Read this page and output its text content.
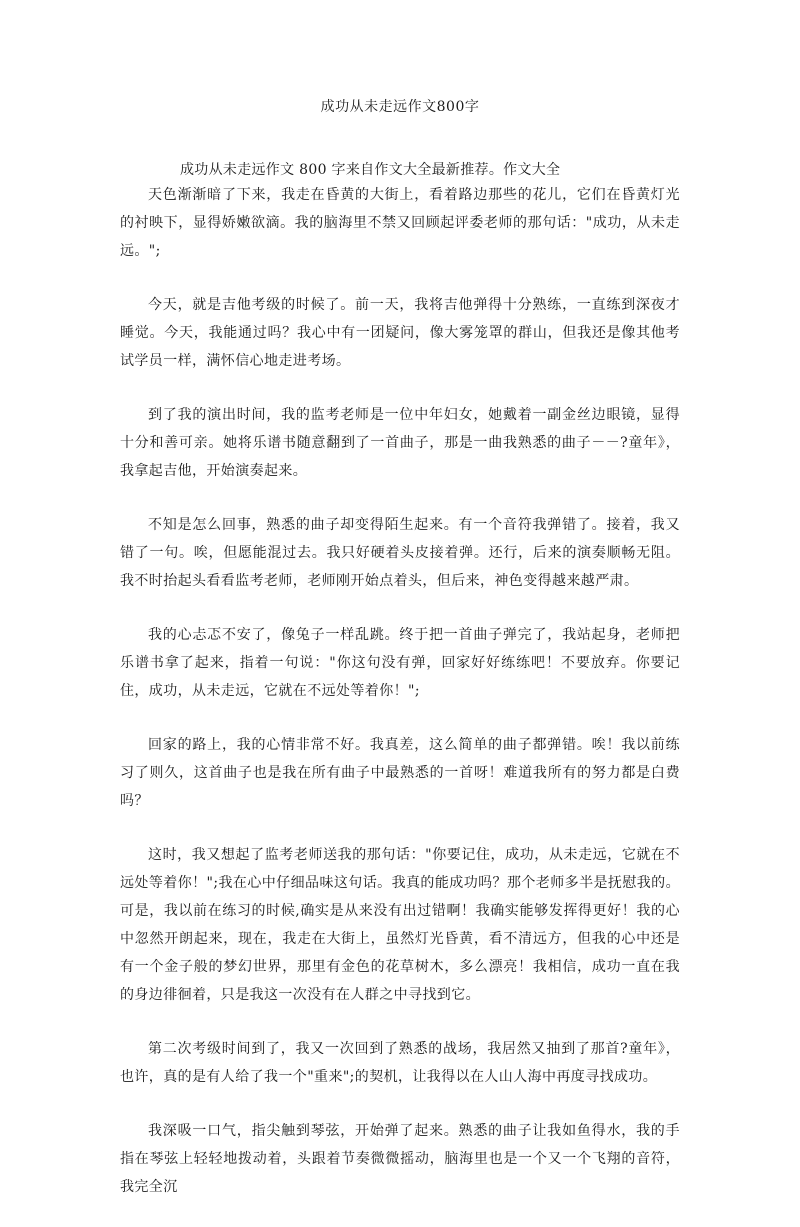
成功从未走远作文800字
成功从未走远作文 800 字来自作文大全最新推荐。作文大全

天色渐渐暗了下来，我走在昏黄的大街上，看着路边那些的花儿，它们在昏黄灯光的衬映下，显得娇嫩欲滴。我的脑海里不禁又回顾起评委老师的那句话："成功，从未走远。";

今天，就是吉他考级的时候了。前一天，我将吉他弹得十分熟练，一直练到深夜才睡觉。今天，我能通过吗？我心中有一团疑问，像大雾笼罩的群山，但我还是像其他考试学员一样，满怀信心地走进考场。

到了我的演出时间，我的监考老师是一位中年妇女，她戴着一副金丝边眼镜，显得十分和善可亲。她将乐谱书随意翻到了一首曲子，那是一曲我熟悉的曲子－－?童年》，我拿起吉他，开始演奏起来。

不知是怎么回事，熟悉的曲子却变得陌生起来。有一个音符我弹错了。接着，我又错了一句。唉，但愿能混过去。我只好硬着头皮接着弹。还行，后来的演奏顺畅无阻。我不时抬起头看看监考老师，老师刚开始点着头，但后来，神色变得越来越严肃。

我的心忐忑不安了，像兔子一样乱跳。终于把一首曲子弹完了，我站起身，老师把乐谱书拿了起来，指着一句说："你这句没有弹，回家好好练练吧！不要放弃。你要记住，成功，从未走远，它就在不远处等着你！";

回家的路上，我的心情非常不好。我真差，这么简单的曲子都弹错。唉！我以前练习了则久，这首曲子也是我在所有曲子中最熟悉的一首呀！难道我所有的努力都是白费吗？

这时，我又想起了监考老师送我的那句话："你要记住，成功，从未走远，它就在不远处等着你！";我在心中仔细品味这句话。我真的能成功吗？那个老师多半是抚慰我的。可是，我以前在练习的时候,确实是从来没有出过错啊！我确实能够发挥得更好！我的心中忽然开朗起来，现在，我走在大街上，虽然灯光昏黄，看不清远方，但我的心中还是有一个金子般的梦幻世界，那里有金色的花草树木，多么漂亮！我相信，成功一直在我的身边徘徊着，只是我这一次没有在人群之中寻找到它。

第二次考级时间到了，我又一次回到了熟悉的战场，我居然又抽到了那首?童年》，也许，真的是有人给了我一个"重来";的契机，让我得以在人山人海中再度寻找成功。

我深吸一口气，指尖触到琴弦，开始弹了起来。熟悉的曲子让我如鱼得水，我的手指在琴弦上轻轻地拨动着，头跟着节奏微微摇动，脑海里也是一个又一个飞翔的音符，我完全沉
